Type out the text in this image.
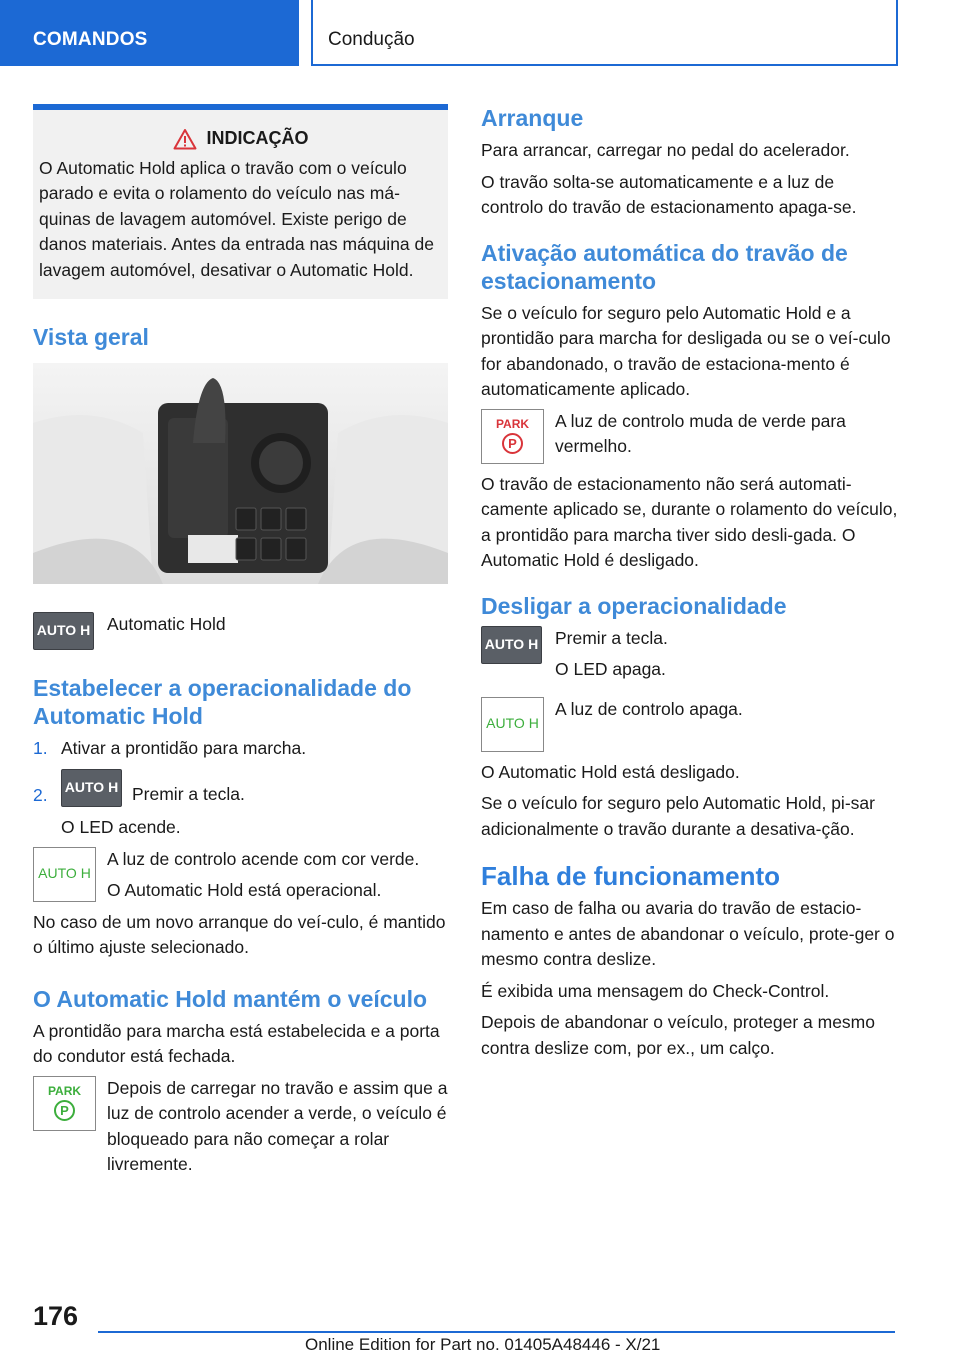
COMANDOS	Condução
INDICAÇÃO

O Automatic Hold aplica o travão com o veículo parado e evita o rolamento do veículo nas má-quinas de lavagem automóvel. Existe perigo de danos materiais. Antes da entrada nas máquina de lavagem automóvel, desativar o Automatic Hold.

Vista geral
AUTO H Automatic Hold
Estabelecer a operacionalidade do Automatic Hold
1. Ativar a prontidão para marcha.
2. AUTO H Premir a tecla.

O LED acende.

AUTO H

A luz de controlo acende com cor verde.

O Automatic Hold está operacional.

No caso de um novo arranque do veí-culo, é mantido o último ajuste selecionado.

O Automatic Hold mantém o veículo

A prontidão para marcha está estabelecida e a porta do condutor está fechada.

PARK
P
Depois de carregar no travão e assim que a luz de controlo acender a verde, o veículo é bloqueado para não começar a rolar livremente.
Arranque

Para arrancar, carregar no pedal do acelerador.

O travão solta-se automaticamente e a luz de controlo do travão de estacionamento apaga-se.

Ativação automática do travão de estacionamento

Se o veículo for seguro pelo Automatic Hold e a prontidão para marcha for desligada ou se o veí-culo for abandonado, o travão de estaciona-mento é automaticamente aplicado.

PARK
P
A luz de controlo muda de verde para vermelho.

O travão de estacionamento não será automati-camente aplicado se, durante o rolamento do veículo, a prontidão para marcha tiver sido desli-gada. O Automatic Hold é desligado.

Desligar a operacionalidade
AUTO H Premir a tecla.

O LED apaga.

AUTO H
A luz de controlo apaga.

O Automatic Hold está desligado.

Se o veículo for seguro pelo Automatic Hold, pi-sar adicionalmente o travão durante a desativa-ção.

Falha de funcionamento

Em caso de falha ou avaria do travão de estacio-namento e antes de abandonar o veículo, prote-ger o mesmo contra deslize.

É exibida uma mensagem do Check-Control.

Depois de abandonar o veículo, proteger a mesmo contra deslize com, por ex., um calço.

176
Online Edition for Part no. 01405A48446 - X/21
